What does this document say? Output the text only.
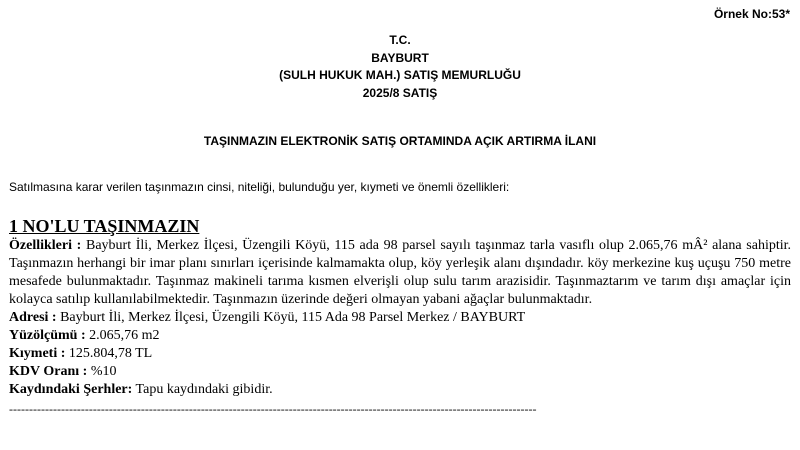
Örnek No:53*
T.C.
BAYBURT
(SULH HUKUK MAH.) SATIŞ MEMURLUĞU
2025/8 SATIŞ
TAŞINMAZIN ELEKTRONİK SATIŞ ORTAMINDA AÇIK ARTIRMA İLANI
Satılmasına karar verilen taşınmazın cinsi, niteliği, bulunduğu yer, kıymeti ve önemli özellikleri:
1 NO'LU TAŞINMAZIN
Özellikleri : Bayburt İli, Merkez İlçesi, Üzengili Köyü, 115 ada 98 parsel sayılı taşınmaz tarla vasıflı olup 2.065,76 mÂ² alana sahiptir. Taşınmazın herhangi bir imar planı sınırları içerisinde kalmamakta olup, köy yerleşik alanı dışındadır. köy merkezine kuş uçuşu 750 metre mesafede bulunmaktadır. Taşınmaz makineli tarıma kısmen elverişli olup sulu tarım arazisidir. Taşınmaztarım ve tarım dışı amaçlar için kolayca satılıp kullanılabilmektedir. Taşınmazın üzerinde değeri olmayan yabani ağaçlar bulunmaktadır.
Adresi : Bayburt İli, Merkez İlçesi, Üzengili Köyü, 115 Ada 98 Parsel Merkez / BAYBURT
Yüzölçümü : 2.065,76 m2
Kıymeti : 125.804,78 TL
KDV Oranı : %10
Kaydındaki Şerhler: Tapu kaydındaki gibidir.
------------------------------------------------------------------------------------------------------------------------------------
